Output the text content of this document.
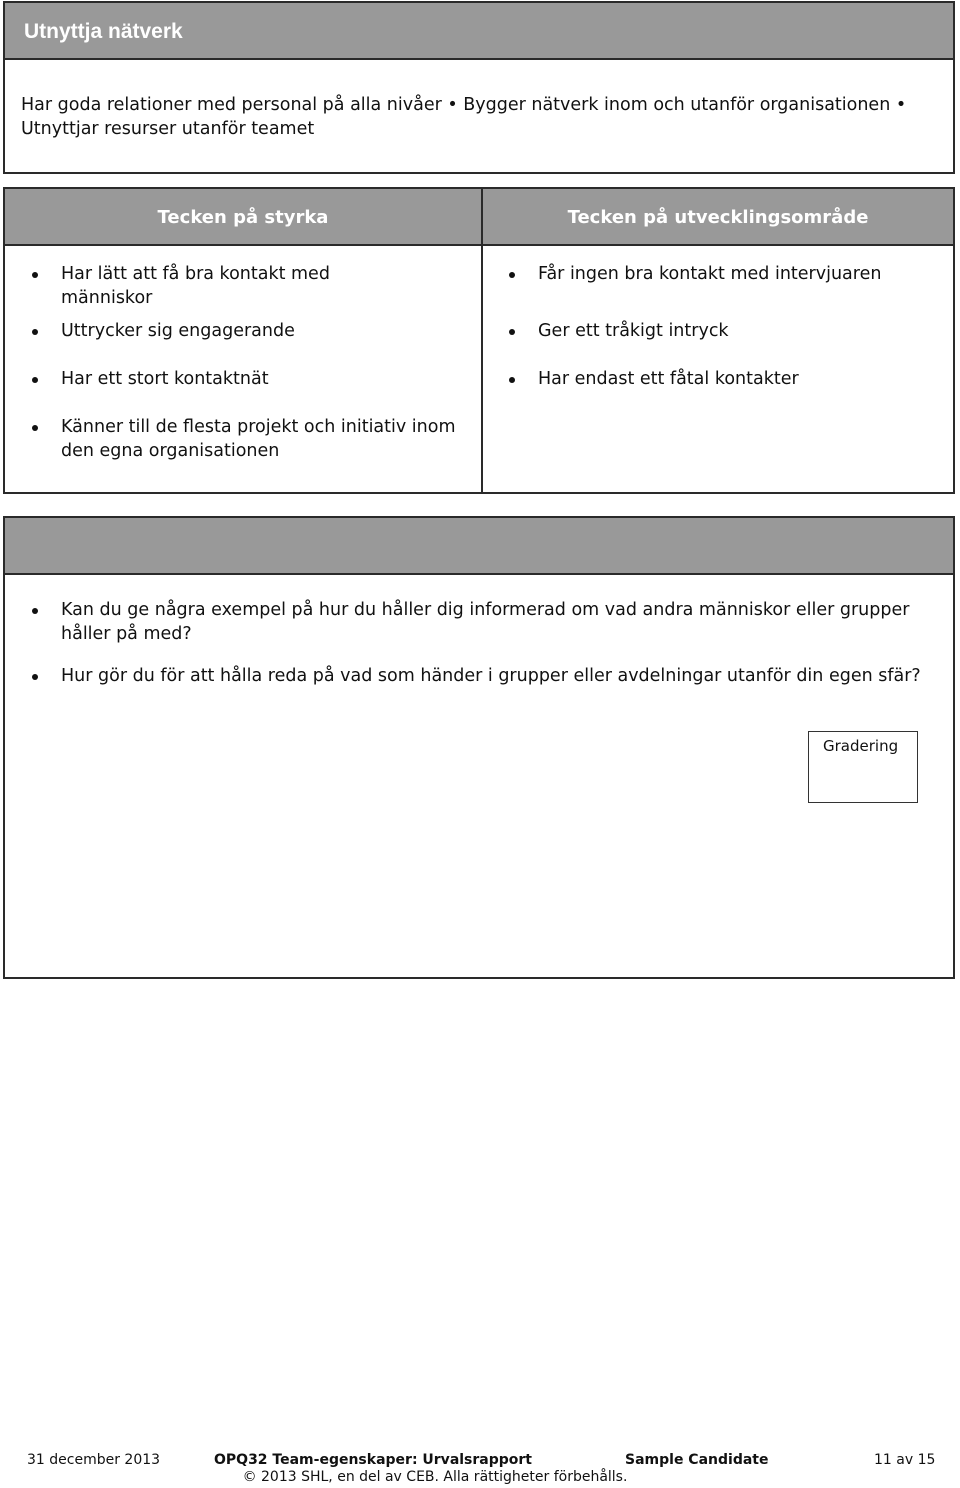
Utnyttja nätverk
Har goda relationer med personal på alla nivåer • Bygger nätverk inom och utanför organisationen • Utnyttjar resurser utanför teamet
Tecken på styrka
Har lätt att få bra kontakt med människor
Uttrycker sig engagerande
Har ett stort kontaktnät
Känner till de flesta projekt och initiativ inom den egna organisationen
Tecken på utvecklingsområde
Får ingen bra kontakt med intervjuaren
Ger ett tråkigt intryck
Har endast ett fåtal kontakter
Kan du ge några exempel på hur du håller dig informerad om vad andra människor eller grupper håller på med?
Hur gör du för att hålla reda på vad som händer i grupper eller avdelningar utanför din egen sfär?
Gradering
31 december 2013	OPQ32 Team-egenskaper: Urvalsrapport	Sample Candidate	11 av 15
© 2013 SHL, en del av CEB. Alla rättigheter förbehålls.
